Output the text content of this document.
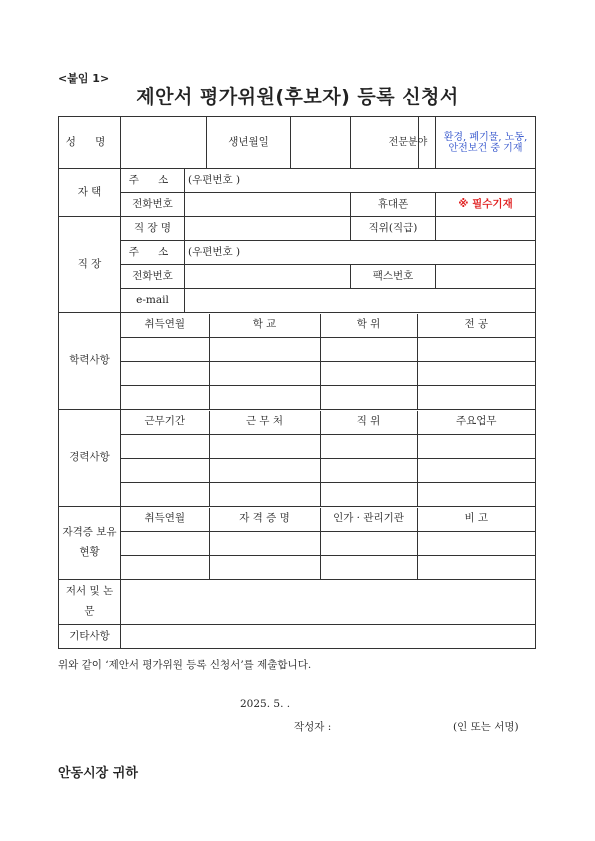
<붙임 1>
제안서 평가위원(후보자) 등록 신청서
성 명		생년월일			전문분야	환경, 폐기물, 노동, 안전보건 중 기재
자 택	주 소	(우편번호 )
전화번호		휴대폰	※ 필수기재
직 장	직 장 명		직위(직급)	
주 소	(우편번호 )
전화번호		팩스번호	
e-mail	
학력사항	
취득연월	학 교	학 위	전 공

경력사항	
근무기간	근 무 처	직 위	주요업무

자격증 보유현황	
취득연월	자 격 증 명	인가 · 관리기관	비 고

저서 및 논문	
기타사항	
위와 같이 ‘제안서 평가위원 등록 신청서’를 제출합니다.
2025. 5. .
작성자 :	(인 또는 서명)
안동시장 귀하
